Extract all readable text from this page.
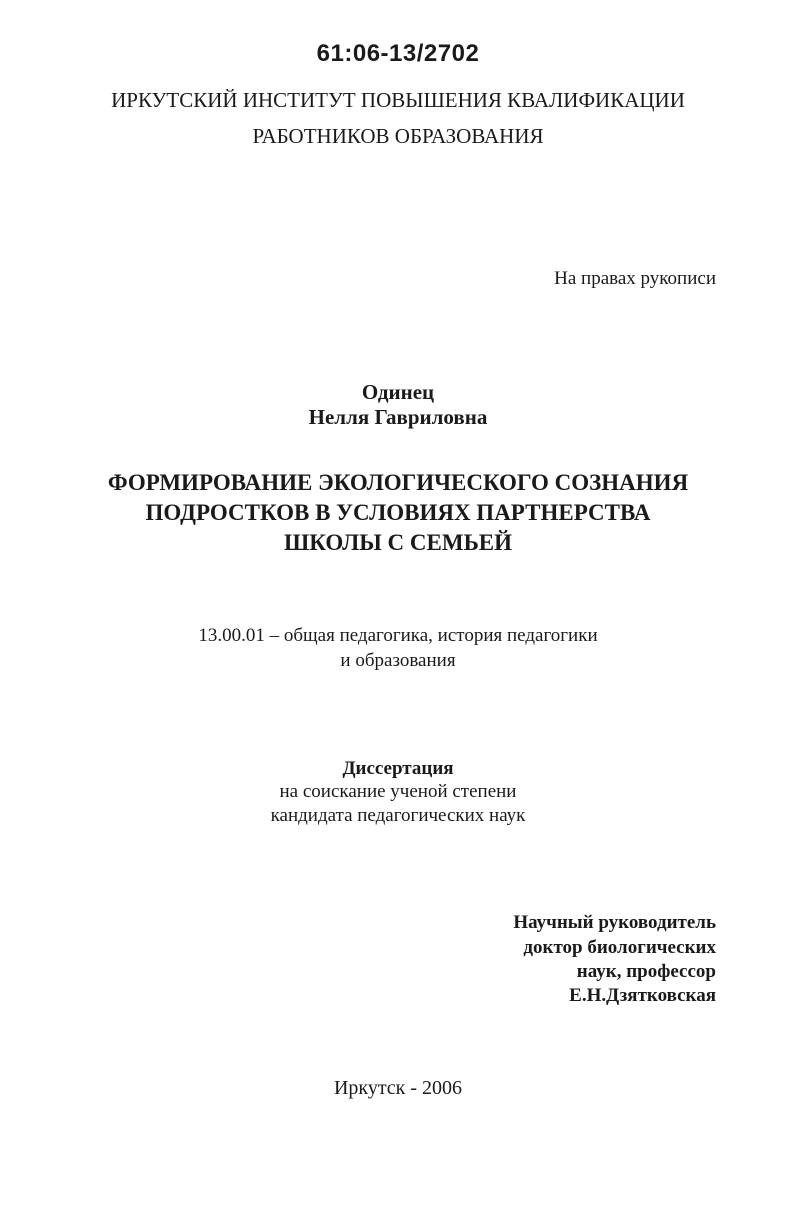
61:06-13/2702
ИРКУТСКИЙ ИНСТИТУТ ПОВЫШЕНИЯ КВАЛИФИКАЦИИ
РАБОТНИКОВ ОБРАЗОВАНИЯ
На правах рукописи
Одинец
Нелля Гавриловна
ФОРМИРОВАНИЕ ЭКОЛОГИЧЕСКОГО СОЗНАНИЯ
ПОДРОСТКОВ В УСЛОВИЯХ ПАРТНЕРСТВА
ШКОЛЫ С СЕМЬЕЙ
13.00.01 – общая педагогика, история педагогики
и образования
Диссертация
на соискание ученой степени
кандидата педагогических наук
Научный руководитель
доктор биологических
наук, профессор
Е.Н.Дзятковская
Иркутск - 2006
